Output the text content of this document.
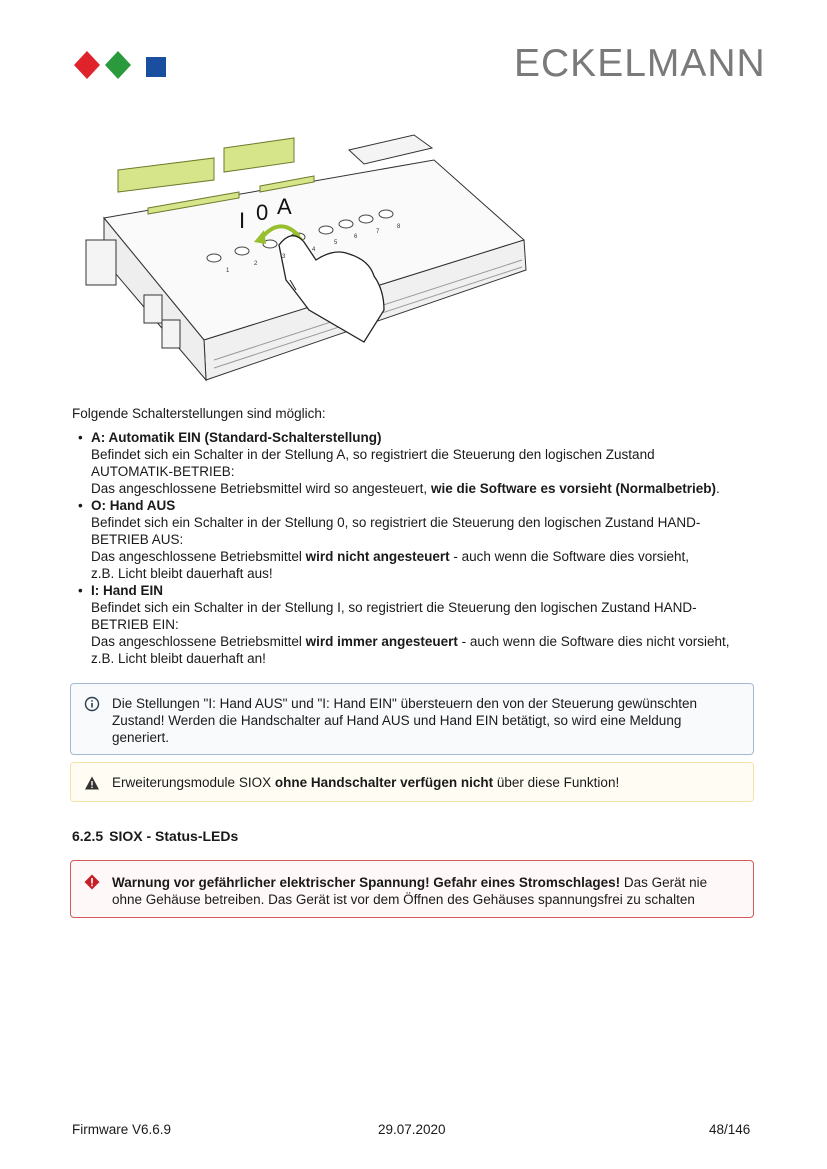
ECKELMANN
I 0 A
1
2
3
4
5
6
7
8
Folgende Schalterstellungen sind möglich:
• A: Automatik EIN (Standard-Schalterstellung)
Befindet sich ein Schalter in der Stellung A, so registriert die Steuerung den logischen Zustand
AUTOMATIK-BETRIEB:
Das angeschlossene Betriebsmittel wird so angesteuert, wie die Software es vorsieht (Normalbetrieb).
• O: Hand AUS
Befindet sich ein Schalter in der Stellung 0, so registriert die Steuerung den logischen Zustand HAND-
BETRIEB AUS:
Das angeschlossene Betriebsmittel wird nicht angesteuert - auch wenn die Software dies vorsieht,
z.B. Licht bleibt dauerhaft aus!
• I: Hand EIN
Befindet sich ein Schalter in der Stellung I, so registriert die Steuerung den logischen Zustand HAND-
BETRIEB EIN:
Das angeschlossene Betriebsmittel wird immer angesteuert - auch wenn die Software dies nicht vorsieht,
z.B. Licht bleibt dauerhaft an!
Die Stellungen "I: Hand AUS" und "I: Hand EIN" übersteuern den von der Steuerung gewünschten Zustand! Werden die Handschalter auf Hand AUS und Hand EIN betätigt, so wird eine Meldung generiert.
Erweiterungsmodule SIOX ohne Handschalter verfügen nicht über diese Funktion!
6.2.5 SIOX - Status-LEDs
Warnung vor gefährlicher elektrischer Spannung! Gefahr eines Stromschlages! Das Gerät nie ohne Gehäuse betreiben. Das Gerät ist vor dem Öffnen des Gehäuses spannungsfrei zu schalten
Firmware V6.6.9	29.07.2020	48/146
